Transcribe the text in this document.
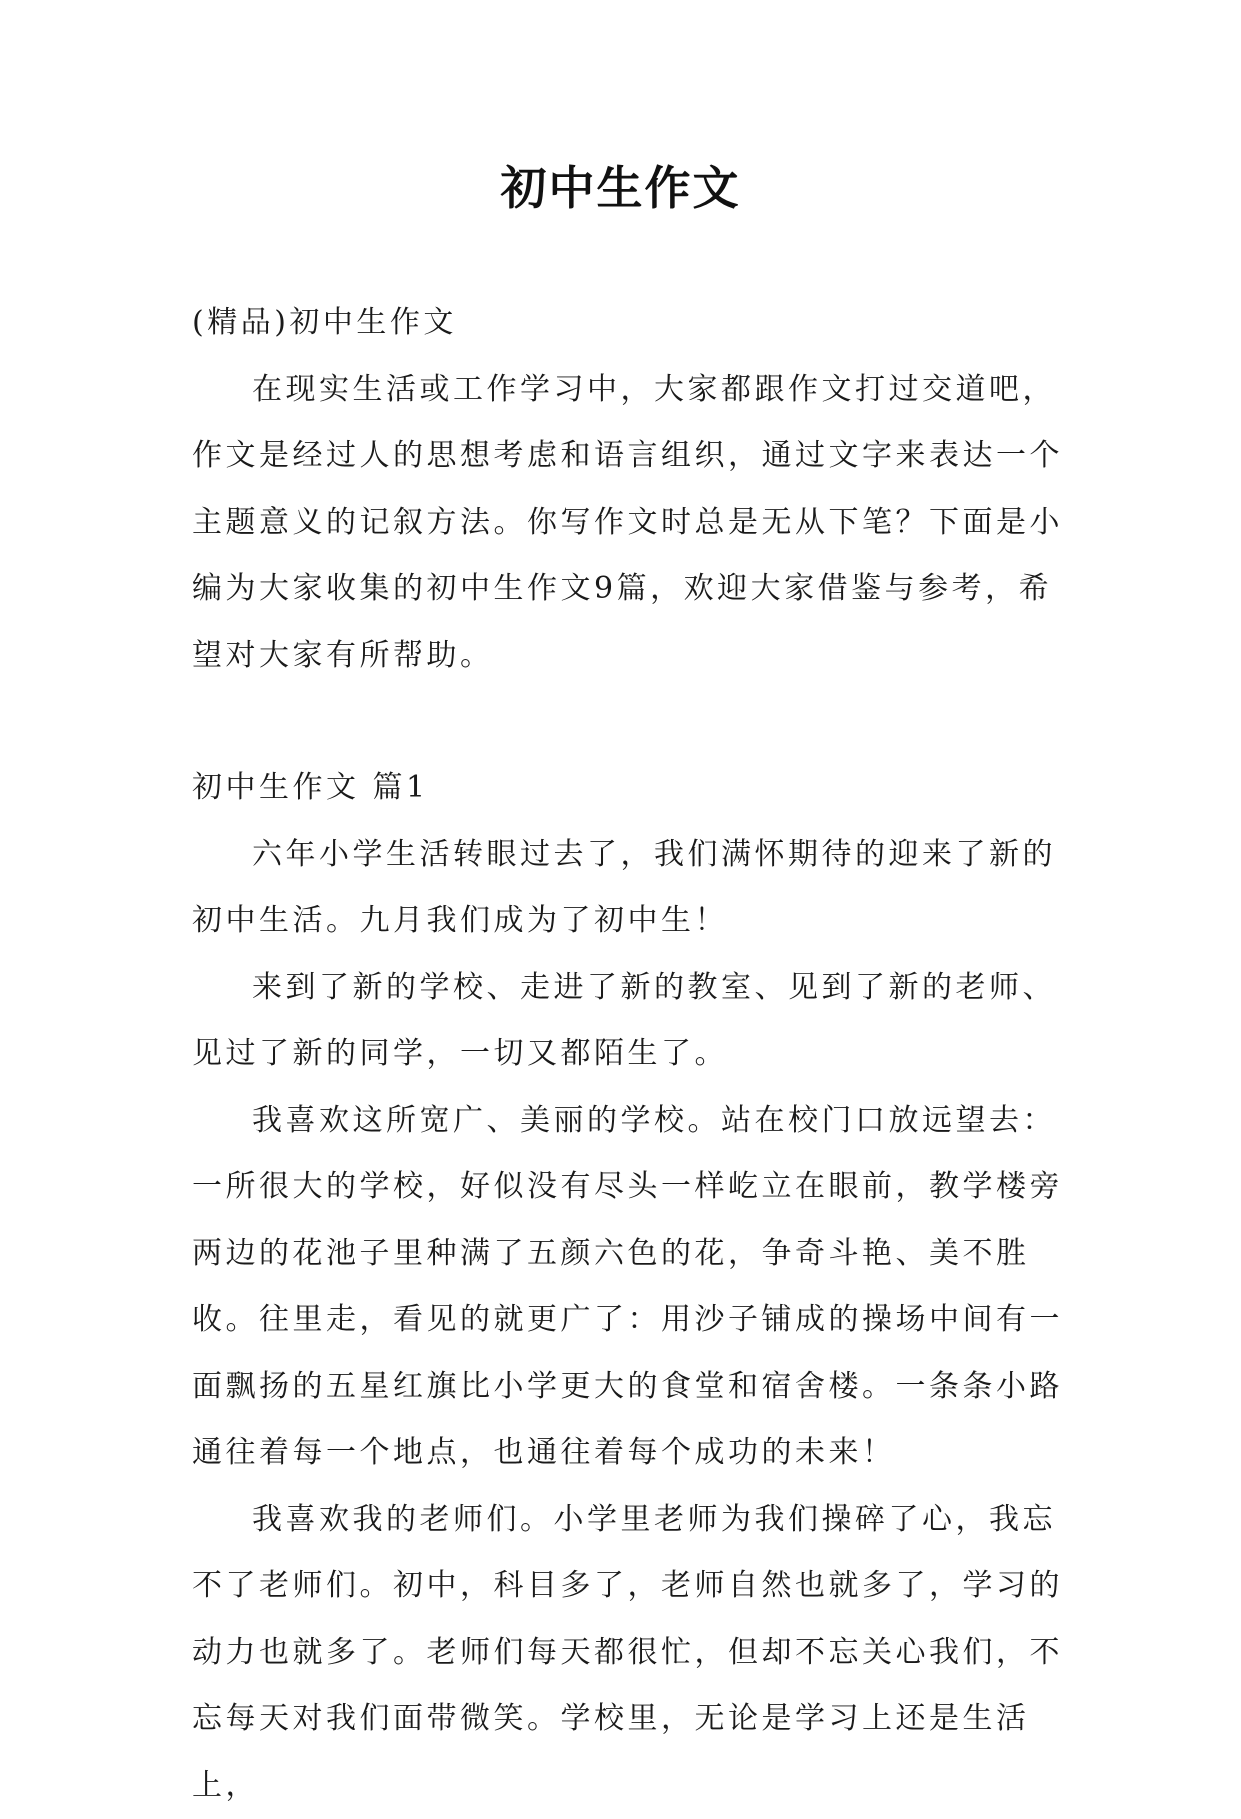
初中生作文

(精品)初中生作文

在现实生活或工作学习中，大家都跟作文打过交道吧，作文是经过人的思想考虑和语言组织，通过文字来表达一个主题意义的记叙方法。你写作文时总是无从下笔？下面是小编为大家收集的初中生作文9篇，欢迎大家借鉴与参考，希望对大家有所帮助。

初中生作文 篇1

六年小学生活转眼过去了，我们满怀期待的迎来了新的初中生活。九月我们成为了初中生！

来到了新的学校、走进了新的教室、见到了新的老师、见过了新的同学，一切又都陌生了。

我喜欢这所宽广、美丽的学校。站在校门口放远望去：一所很大的学校，好似没有尽头一样屹立在眼前，教学楼旁两边的花池子里种满了五颜六色的花，争奇斗艳、美不胜收。往里走，看见的就更广了：用沙子铺成的操场中间有一面飘扬的五星红旗比小学更大的食堂和宿舍楼。一条条小路通往着每一个地点，也通往着每个成功的未来！

我喜欢我的老师们。小学里老师为我们操碎了心，我忘不了老师们。初中，科目多了，老师自然也就多了，学习的动力也就多了。老师们每天都很忙，但却不忘关心我们，不忘每天对我们面带微笑。学校里，无论是学习上还是生活上，
